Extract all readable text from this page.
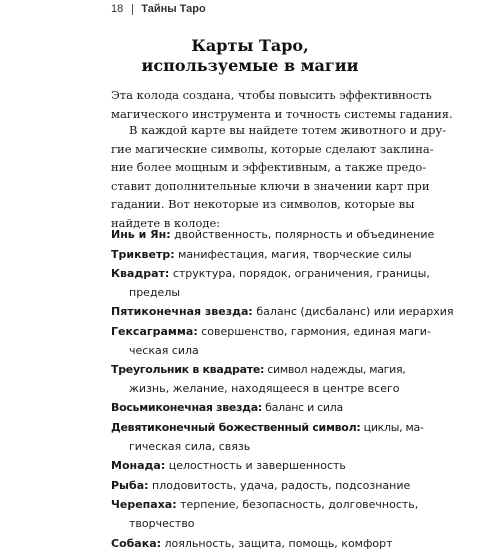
18 Тайны Таро
Карты Таро,
используемые в магии
Эта колода создана, чтобы повысить эффективность
магического инструмента и точность системы гадания.
В каждой карте вы найдете тотем животного и дру-
гие магические символы, которые сделают заклина-
ние более мощным и эффективным, а также предо-
ставит дополнительные ключи в значении карт при
гадании. Вот некоторые из символов, которые вы
найдете в колоде:
Инь и Ян: двойственность, полярность и объединение
Трикветр: манифестация, магия, творческие силы
Квадрат: структура, порядок, ограничения, границы,
пределы
Пятиконечная звезда: баланс (дисбаланс) или иерархия
Гексаграмма: совершенство, гармония, единая маги-
ческая сила
Треугольник в квадрате: символ надежды, магия,
жизнь, желание, находящееся в центре всего
Восьмиконечная звезда: баланс и сила
Девятиконечный божественный символ: циклы, ма-
гическая сила, связь
Монада: целостность и завершенность
Рыба: плодовитость, удача, радость, подсознание
Черепаха: терпение, безопасность, долговечность,
творчество
Собака: лояльность, защита, помощь, комфорт
